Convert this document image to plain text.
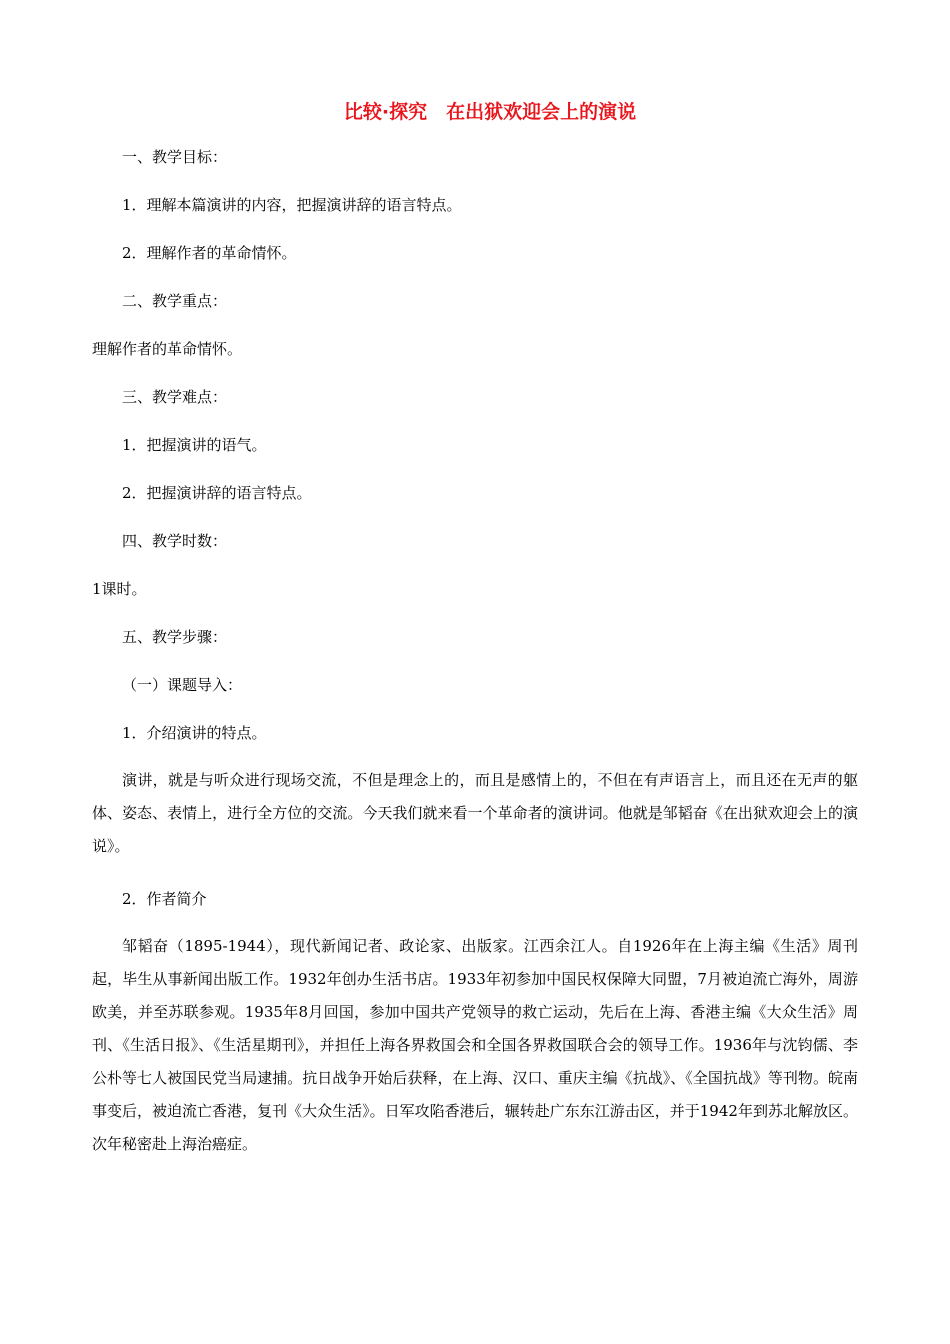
比较·探究　在出狱欢迎会上的演说
一、教学目标：
1．理解本篇演讲的内容，把握演讲辞的语言特点。
2．理解作者的革命情怀。
二、教学重点：
理解作者的革命情怀。
三、教学难点：
1．把握演讲的语气。
2．把握演讲辞的语言特点。
四、教学时数：
1课时。
五、教学步骤：
（一）课题导入：
1．介绍演讲的特点。
演讲，就是与听众进行现场交流，不但是理念上的，而且是感情上的，不但在有声语言上，而且还在无声的躯体、姿态、表情上，进行全方位的交流。今天我们就来看一个革命者的演讲词。他就是邹韬奋《在出狱欢迎会上的演说》。
2．作者简介
邹韬奋（1895-1944），现代新闻记者、政论家、出版家。江西余江人。自1926年在上海主编《生活》周刊起，毕生从事新闻出版工作。1932年创办生活书店。1933年初参加中国民权保障大同盟，7月被迫流亡海外，周游欧美，并至苏联参观。1935年8月回国，参加中国共产党领导的救亡运动，先后在上海、香港主编《大众生活》周刊、《生活日报》、《生活星期刊》，并担任上海各界救国会和全国各界救国联合会的领导工作。1936年与沈钧儒、李公朴等七人被国民党当局逮捕。抗日战争开始后获释，在上海、汉口、重庆主编《抗战》、《全国抗战》等刊物。皖南事变后，被迫流亡香港，复刊《大众生活》。日军攻陷香港后，辗转赴广东东江游击区，并于1942年到苏北解放区。次年秘密赴上海治癌症。
